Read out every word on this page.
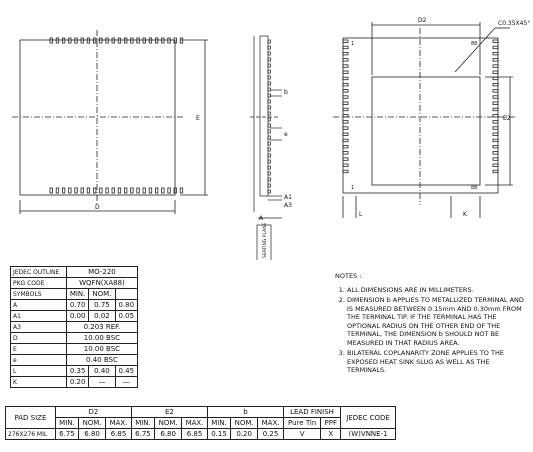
D
E
b
e
A1
A3
A
SEATING PLANE
C0.35X45°
D2
E2
L	K
1	88
1	88
JEDEC OUTLINE	MO-220		
PKG CODE	WQFN(XA88)		
SYMBOLS	MIN.	NOM.	
A	0.70	0.75	0.80
A1	0.00	0.02	0.05
A3	0.203 REF.		
D	10.00 BSC		
E	10.00 BSC		
e	0.40 BSC		
L	0.35	0.40	0.45
K	0.20	—	—
NOTES :
1. ALL DIMENSIONS ARE IN MILLIMETERS.
2. DIMENSION b APPLIES TO METALLIZED TERMINAL AND IS MEASURED BETWEEN 0.15mm AND 0.30mm FROM THE TERMINAL TIP. IF THE TERMINAL HAS THE OPTIONAL RADIUS ON THE OTHER END OF THE TERMINAL, THE DIMENSION b SHOULD NOT BE MEASURED IN THAT RADIUS AREA.
3. BILATERAL COPLANARITY ZONE APPLIES TO THE EXPOSED HEAT SINK SLUG AS WELL AS THE TERMINALS.
PAD SIZE	D2			E2			b			LEAD FINISH		JEDEC CODE
	MIN.	NOM.	MAX.	MIN.	NOM.	MAX.	MIN.	NOM.	MAX.	Pure Tin	PPF	
276X276 MIL	6.75	6.80	6.85	6.75	6.80	6.85	0.15	0.20	0.25	V	X	(W)VNNE-1
